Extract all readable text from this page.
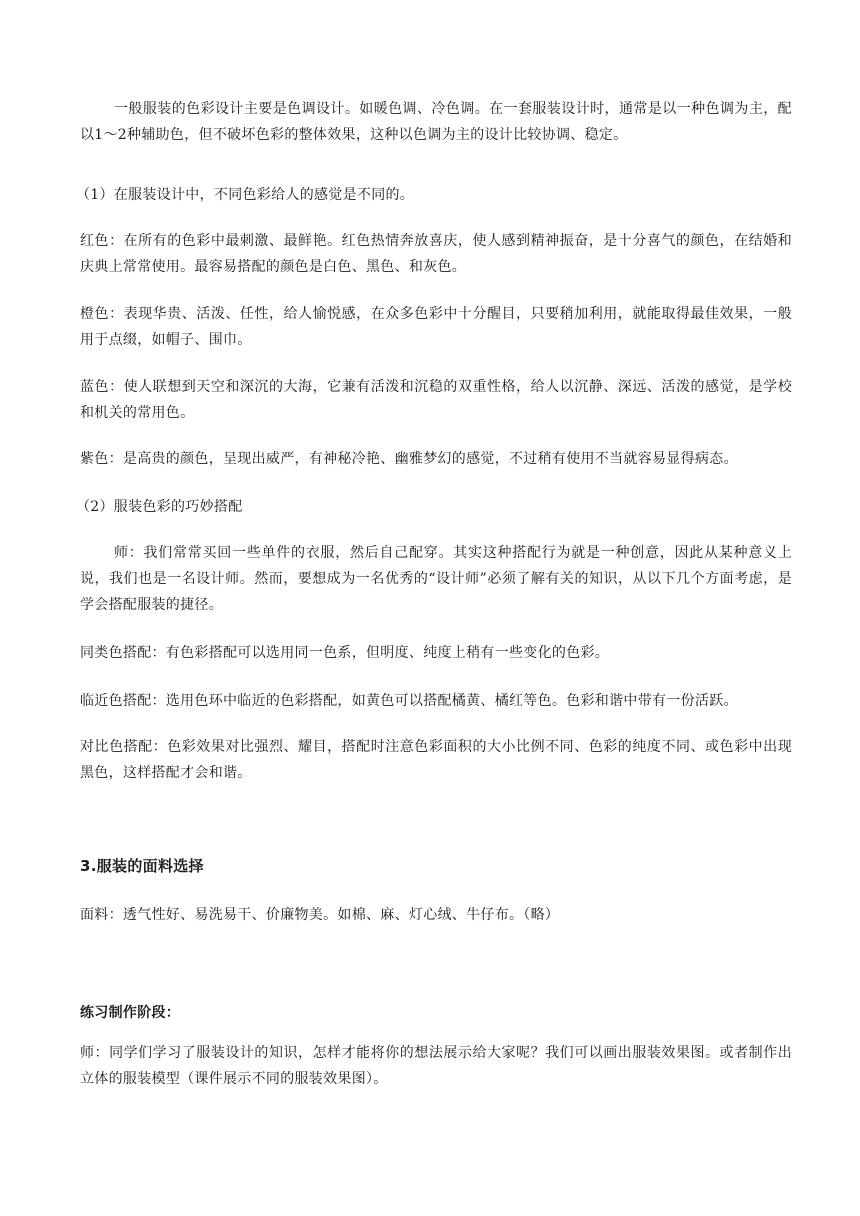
一般服装的色彩设计主要是色调设计。如暖色调、冷色调。在一套服装设计时，通常是以一种色调为主，配以1～2种辅助色，但不破坏色彩的整体效果，这种以色调为主的设计比较协调、稳定。

（1）在服装设计中，不同色彩给人的感觉是不同的。

红色：在所有的色彩中最刺激、最鲜艳。红色热情奔放喜庆，使人感到精神振奋，是十分喜气的颜色，在结婚和庆典上常常使用。最容易搭配的颜色是白色、黑色、和灰色。

橙色：表现华贵、活泼、任性，给人愉悦感，在众多色彩中十分醒目，只要稍加利用，就能取得最佳效果，一般用于点缀，如帽子、围巾。

蓝色：使人联想到天空和深沉的大海，它兼有活泼和沉稳的双重性格，给人以沉静、深远、活泼的感觉，是学校和机关的常用色。

紫色：是高贵的颜色，呈现出威严，有神秘冷艳、幽雅梦幻的感觉，不过稍有使用不当就容易显得病态。

（2）服装色彩的巧妙搭配

师：我们常常买回一些单件的衣服，然后自己配穿。其实这种搭配行为就是一种创意，因此从某种意义上说，我们也是一名设计师。然而，要想成为一名优秀的“设计师”必须了解有关的知识，从以下几个方面考虑，是学会搭配服装的捷径。

同类色搭配：有色彩搭配可以选用同一色系，但明度、纯度上稍有一些变化的色彩。

临近色搭配：选用色环中临近的色彩搭配，如黄色可以搭配橘黄、橘红等色。色彩和谐中带有一份活跃。

对比色搭配：色彩效果对比强烈、耀目，搭配时注意色彩面积的大小比例不同、色彩的纯度不同、或色彩中出现黑色，这样搭配才会和谐。

3.服装的面料选择

面料：透气性好、易洗易干、价廉物美。如棉、麻、灯心绒、牛仔布。（略）

练习制作阶段：

师：同学们学习了服装设计的知识，怎样才能将你的想法展示给大家呢？我们可以画出服装效果图。或者制作出立体的服装模型（课件展示不同的服装效果图）。
